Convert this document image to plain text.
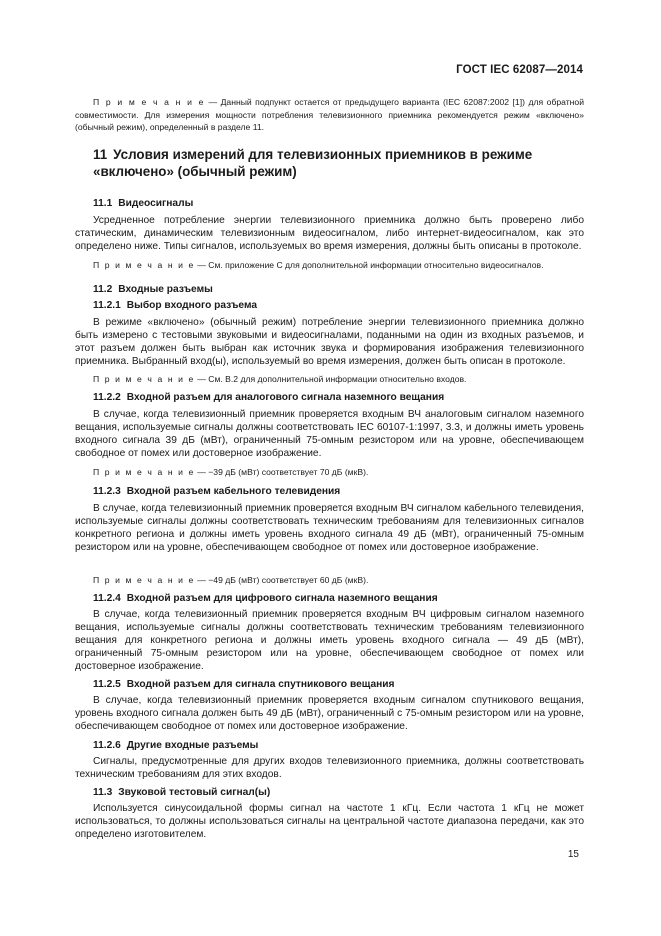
ГОСТ IEC 62087—2014

П р и м е ч а н и е — Данный подпункт остается от предыдущего варианта (IEC 62087:2002 [1]) для обратной совместимости. Для измерения мощности потребления телевизионного приемника рекомендуется режим «включено» (обычный режим), определенный в разделе 11.

11 Условия измерений для телевизионных приемников в режиме «включено» (обычный режим)

11.1 Видеосигналы

Усредненное потребление энергии телевизионного приемника должно быть проверено либо статическим, динамическим телевизионным видеосигналом, либо интернет-видеосигналом, как это определено ниже. Типы сигналов, используемых во время измерения, должны быть описаны в протоколе.

П р и м е ч а н и е — См. приложение С для дополнительной информации относительно видеосигналов.

11.2 Входные разъемы

11.2.1 Выбор входного разъема

В режиме «включено» (обычный режим) потребление энергии телевизионного приемника должно быть измерено с тестовыми звуковыми и видеосигналами, поданными на один из входных разъемов, и этот разъем должен быть выбран как источник звука и формирования изображения телевизионного приемника. Выбранный вход(ы), используемый во время измерения, должен быть описан в протоколе.

П р и м е ч а н и е — См. В.2 для дополнительной информации относительно входов.

11.2.2 Входной разъем для аналогового сигнала наземного вещания

В случае, когда телевизионный приемник проверяется входным ВЧ аналоговым сигналом наземного вещания, используемые сигналы должны соответствовать IEC 60107-1:1997, 3.3, и должны иметь уровень входного сигнала 39 дБ (мВт), ограниченный 75-омным резистором или на уровне, обеспечивающем свободное от помех или достоверное изображение.

П р и м е ч а н и е — −39 дБ (мВт) соответствует 70 дБ (мкВ).

11.2.3 Входной разъем кабельного телевидения

В случае, когда телевизионный приемник проверяется входным ВЧ сигналом кабельного телевидения, используемые сигналы должны соответствовать техническим требованиям для телевизионных сигналов конкретного региона и должны иметь уровень входного сигнала 49 дБ (мВт), ограниченный 75-омным резистором или на уровне, обеспечивающем свободное от помех или достоверное изображение.

П р и м е ч а н и е — −49 дБ (мВт) соответствует 60 дБ (мкВ).

11.2.4 Входной разъем для цифрового сигнала наземного вещания

В случае, когда телевизионный приемник проверяется входным ВЧ цифровым сигналом наземного вещания, используемые сигналы должны соответствовать техническим требованиям телевизионного вещания для конкретного региона и должны иметь уровень входного сигнала — 49 дБ (мВт), ограниченный 75-омным резистором или на уровне, обеспечивающем свободное от помех или достоверное изображение.

11.2.5 Входной разъем для сигнала спутникового вещания

В случае, когда телевизионный приемник проверяется входным сигналом спутникового вещания, уровень входного сигнала должен быть 49 дБ (мВт), ограниченный с 75-омным резистором или на уровне, обеспечивающем свободное от помех или достоверное изображение.

11.2.6 Другие входные разъемы

Сигналы, предусмотренные для других входов телевизионного приемника, должны соответствовать техническим требованиям для этих входов.

11.3 Звуковой тестовый сигнал(ы)

Используется синусоидальной формы сигнал на частоте 1 кГц. Если частота 1 кГц не может использоваться, то должны использоваться сигналы на центральной частоте диапазона передачи, как это определено изготовителем.

15
